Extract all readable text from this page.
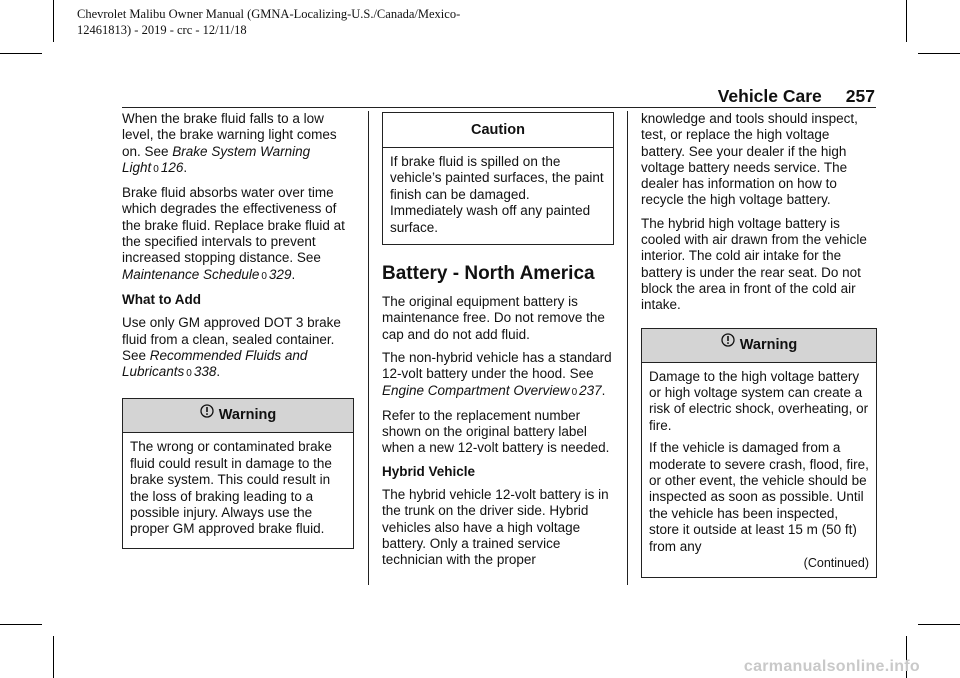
Chevrolet Malibu Owner Manual (GMNA-Localizing-U.S./Canada/Mexico-
12461813) - 2019 - crc - 12/11/18
Vehicle Care 257

When the brake fluid falls to a low level, the brake warning light comes on. See Brake System Warning Light 0 126.

Brake fluid absorbs water over time which degrades the effectiveness of the brake fluid. Replace brake fluid at the specified intervals to prevent increased stopping distance. See Maintenance Schedule 0 329.

What to Add

Use only GM approved DOT 3 brake fluid from a clean, sealed container. See Recommended Fluids and Lubricants 0 338.

Warning

The wrong or contaminated brake fluid could result in damage to the brake system. This could result in the loss of braking leading to a possible injury. Always use the proper GM approved brake fluid.

Caution

If brake fluid is spilled on the vehicle’s painted surfaces, the paint finish can be damaged. Immediately wash off any painted surface.

Battery - North America

The original equipment battery is maintenance free. Do not remove the cap and do not add fluid.

The non-hybrid vehicle has a standard 12-volt battery under the hood. See Engine Compartment Overview 0 237.

Refer to the replacement number shown on the original battery label when a new 12-volt battery is needed.

Hybrid Vehicle

The hybrid vehicle 12-volt battery is in the trunk on the driver side. Hybrid vehicles also have a high voltage battery. Only a trained service technician with the proper

knowledge and tools should inspect, test, or replace the high voltage battery. See your dealer if the high voltage battery needs service. The dealer has information on how to recycle the high voltage battery.

The hybrid high voltage battery is cooled with air drawn from the vehicle interior. The cold air intake for the battery is under the rear seat. Do not block the area in front of the cold air intake.

Warning

Damage to the high voltage battery or high voltage system can create a risk of electric shock, overheating, or fire.

If the vehicle is damaged from a moderate to severe crash, flood, fire, or other event, the vehicle should be inspected as soon as possible. Until the vehicle has been inspected, store it outside at least 15 m (50 ft) from any

(Continued)
carmanualsonline.info
